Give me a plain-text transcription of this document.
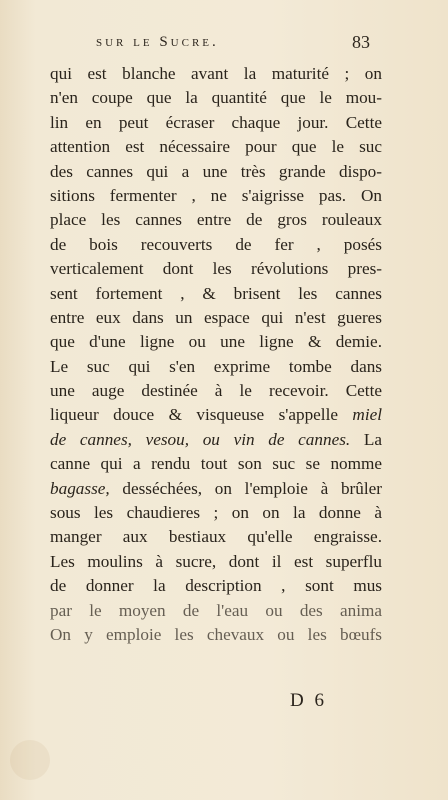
sur le Sucre.	83
qui est blanche avant la maturité ; on
n'en coupe que la quantité que le mou-
lin en peut écraser chaque jour. Cette
attention est nécessaire pour que le suc
des cannes qui a une très grande dispo-
sitions fermenter , ne s'aigrisse pas. On
place les cannes entre de gros rouleaux
de bois recouverts de fer , posés
verticalement dont les révolutions pres-
sent fortement , & brisent les cannes
entre eux dans un espace qui n'est gueres
que d'une ligne ou une ligne & demie.
Le suc qui s'en exprime tombe dans
une auge destinée à le recevoir. Cette
liqueur douce & visqueuse s'appelle miel
de cannes, vesou, ou vin de cannes. La
canne qui a rendu tout son suc se nomme
bagasse, desséchées, on l'emploie à brûler
sous les chaudieres ; on on la donne à
manger aux bestiaux qu'elle engraisse.
Les moulins à sucre, dont il est superflu
de donner la description , sont mus
par le moyen de l'eau ou des anima
On y emploie les chevaux ou les bœufs
D 6
